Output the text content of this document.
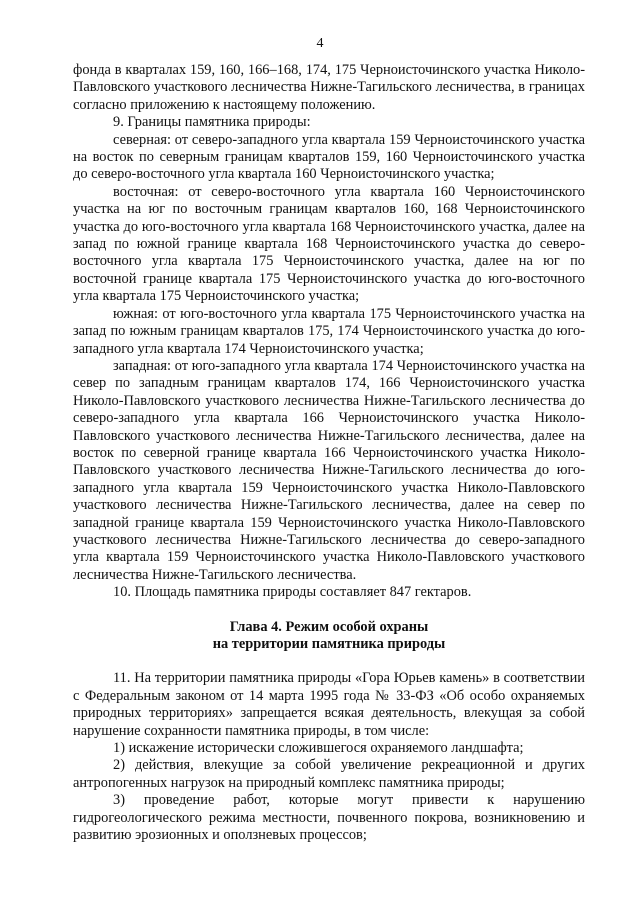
4

фонда в кварталах 159, 160, 166–168, 174, 175 Черноисточинского участка Николо-Павловского участкового лесничества Нижне-Тагильского лесничества, в границах согласно приложению к настоящему положению.

9. Границы памятника природы:

северная: от северо-западного угла квартала 159 Черноисточинского участка на восток по северным границам кварталов 159, 160 Черноисточинского участка до северо-восточного угла квартала 160 Черноисточинского участка;

восточная: от северо-восточного угла квартала 160 Черноисточинского участка на юг по восточным границам кварталов 160, 168 Черноисточинского участка до юго-восточного угла квартала 168 Черноисточинского участка, далее на запад по южной границе квартала 168 Черноисточинского участка до северо-восточного угла квартала 175 Черноисточинского участка, далее на юг по восточной границе квартала 175 Черноисточинского участка до юго-восточного угла квартала 175 Черноисточинского участка;

южная: от юго-восточного угла квартала 175 Черноисточинского участка на запад по южным границам кварталов 175, 174 Черноисточинского участка до юго-западного угла квартала 174 Черноисточинского участка;

западная: от юго-западного угла квартала 174 Черноисточинского участка на север по западным границам кварталов 174, 166 Черноисточинского участка Николо-Павловского участкового лесничества Нижне-Тагильского лесничества до северо-западного угла квартала 166 Черноисточинского участка Николо-Павловского участкового лесничества Нижне-Тагильского лесничества, далее на восток по северной границе квартала 166 Черноисточинского участка Николо-Павловского участкового лесничества Нижне-Тагильского лесничества до юго-западного угла квартала 159 Черноисточинского участка Николо-Павловского участкового лесничества Нижне-Тагильского лесничества, далее на север по западной границе квартала 159 Черноисточинского участка Николо-Павловского участкового лесничества Нижне-Тагильского лесничества до северо-западного угла квартала 159 Черноисточинского участка Николо-Павловского участкового лесничества Нижне-Тагильского лесничества.

10. Площадь памятника природы составляет 847 гектаров.

Глава 4. Режим особой охраны
на территории памятника природы

11. На территории памятника природы «Гора Юрьев камень» в соответствии с Федеральным законом от 14 марта 1995 года № 33-ФЗ «Об особо охраняемых природных территориях» запрещается всякая деятельность, влекущая за собой нарушение сохранности памятника природы, в том числе:

1) искажение исторически сложившегося охраняемого ландшафта;

2) действия, влекущие за собой увеличение рекреационной и других антропогенных нагрузок на природный комплекс памятника природы;

3) проведение работ, которые могут привести к нарушению гидрогеологического режима местности, почвенного покрова, возникновению и развитию эрозионных и оползневых процессов;
